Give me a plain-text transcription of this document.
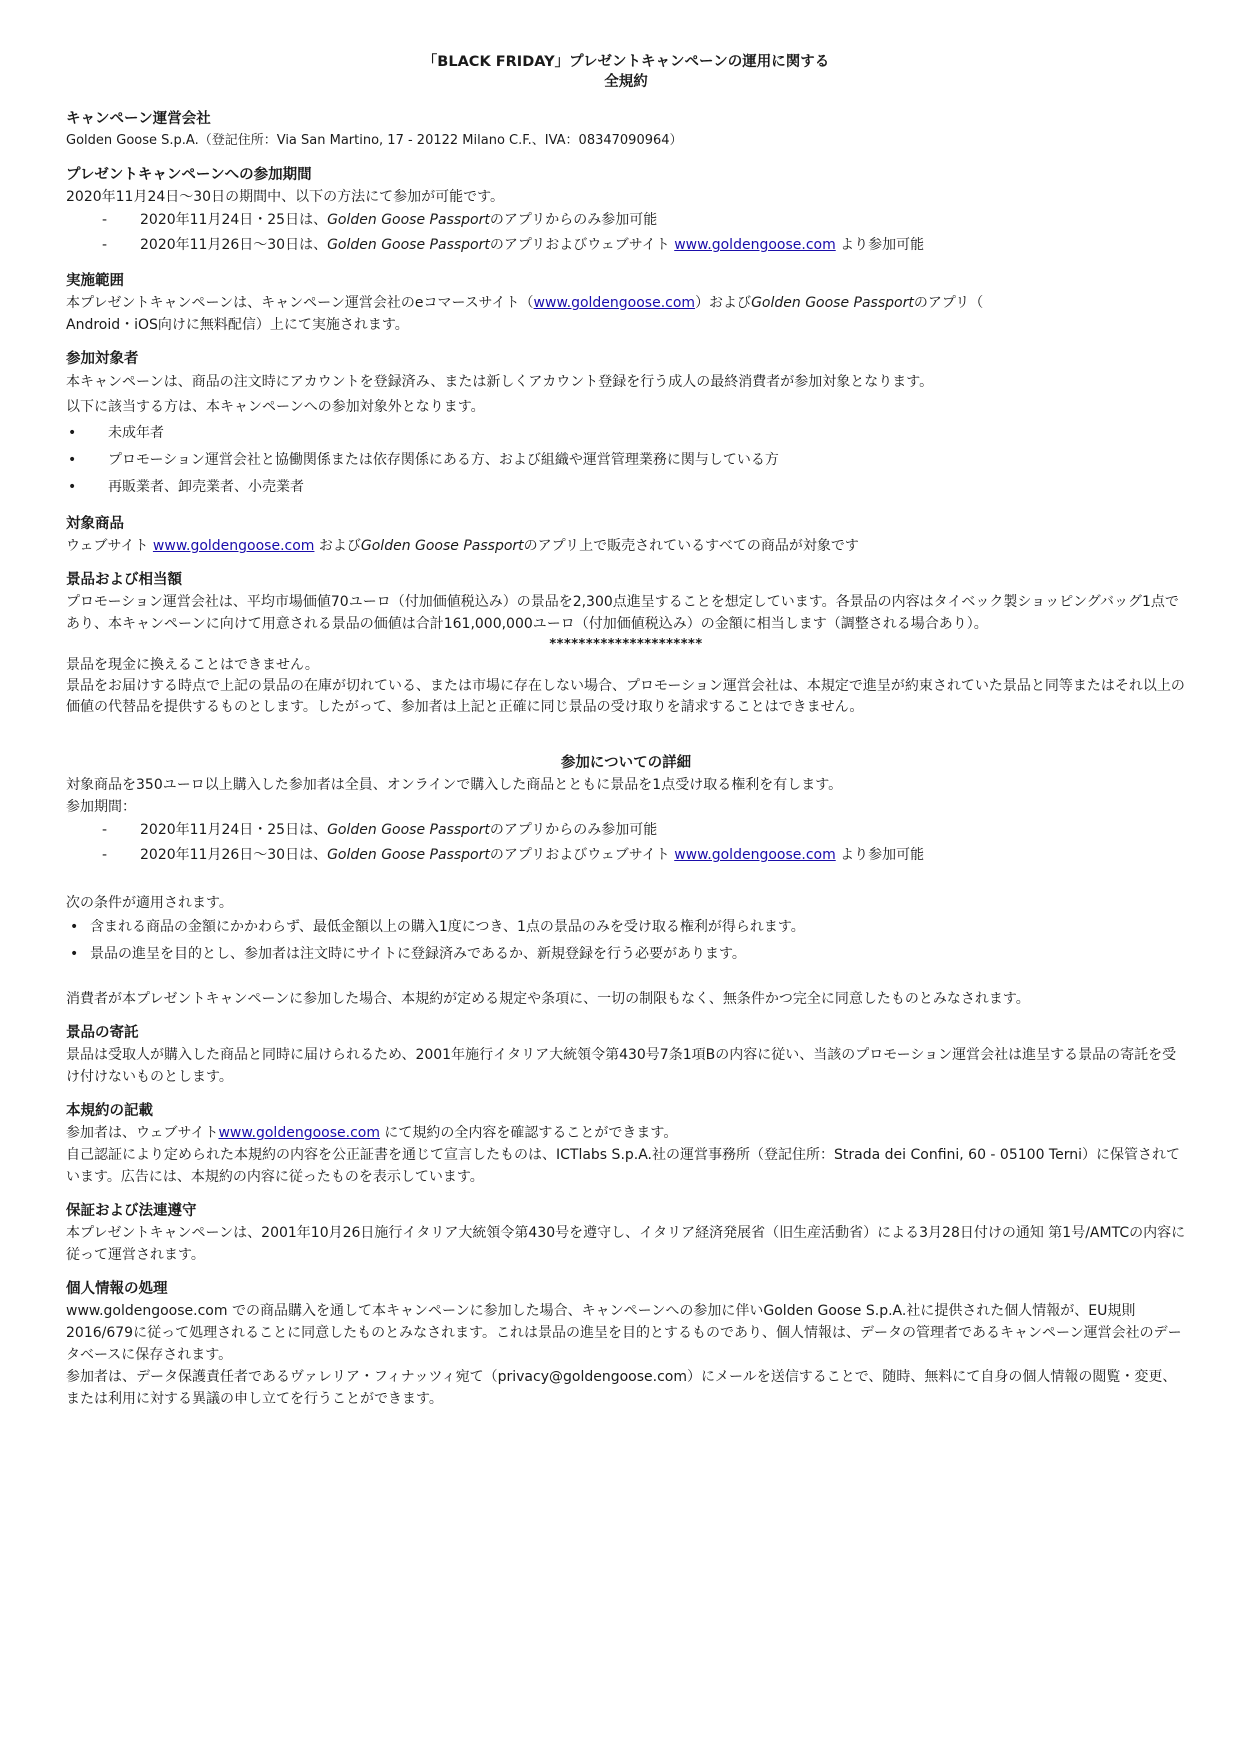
「BLACK FRIDAY」プレゼントキャンペーンの運用に関する

全規約

キャンペーン運営会社

Golden Goose S.p.A.（登記住所：Via San Martino, 17 - 20122 Milano C.F.、IVA：08347090964）

プレゼントキャンペーンへの参加期間

2020年11月24日〜30日の期間中、以下の方法にて参加が可能です。

-	2020年11月24日・25日は、Golden Goose Passportのアプリからのみ参加可能
-	2020年11月26日〜30日は、Golden Goose Passportのアプリおよびウェブサイト www.goldengoose.com より参加可能
実施範囲

本プレゼントキャンペーンは、キャンペーン運営会社のeコマースサイト（www.goldengoose.com）およびGolden Goose Passportのアプリ（

Android・iOS向けに無料配信）上にて実施されます。

参加対象者

本キャンペーンは、商品の注文時にアカウントを登録済み、または新しくアカウント登録を行う成人の最終消費者が参加対象となります。

以下に該当する方は、本キャンペーンへの参加対象外となります。

•	未成年者
•	プロモーション運営会社と協働関係または依存関係にある方、および組織や運営管理業務に関与している方
•	再販業者、卸売業者、小売業者
対象商品

ウェブサイト www.goldengoose.com およびGolden Goose Passportのアプリ上で販売されているすべての商品が対象です

景品および相当額

プロモーション運営会社は、平均市場価値70ユーロ（付加価値税込み）の景品を2,300点進呈することを想定しています。各景品の内容はタイベック製ショッピングバッグ1点であり、本キャンペーンに向けて用意される景品の価値は合計161,000,000ユーロ（付加価値税込み）の金額に相当します（調整される場合あり）。

*********************

景品を現金に換えることはできません。

景品をお届けする時点で上記の景品の在庫が切れている、または市場に存在しない場合、プロモーション運営会社は、本規定で進呈が約束されていた景品と同等またはそれ以上の価値の代替品を提供するものとします。したがって、参加者は上記と正確に同じ景品の受け取りを請求することはできません。

参加についての詳細

対象商品を350ユーロ以上購入した参加者は全員、オンラインで購入した商品とともに景品を1点受け取る権利を有します。

参加期間：

-	2020年11月24日・25日は、Golden Goose Passportのアプリからのみ参加可能
-	2020年11月26日〜30日は、Golden Goose Passportのアプリおよびウェブサイト www.goldengoose.com より参加可能

次の条件が適用されます。

• 含まれる商品の金額にかかわらず、最低金額以上の購入1度につき、1点の景品のみを受け取る権利が得られます。
• 景品の進呈を目的とし、参加者は注文時にサイトに登録済みであるか、新規登録を行う必要があります。

消費者が本プレゼントキャンペーンに参加した場合、本規約が定める規定や条項に、一切の制限もなく、無条件かつ完全に同意したものとみなされます。

景品の寄託

景品は受取人が購入した商品と同時に届けられるため、2001年施行イタリア大統領令第430号7条1項Bの内容に従い、当該のプロモーション運営会社は進呈する景品の寄託を受け付けないものとします。

本規約の記載

参加者は、ウェブサイトwww.goldengoose.com にて規約の全内容を確認することができます。

自己認証により定められた本規約の内容を公正証書を通じて宣言したものは、ICTlabs S.p.A.社の運営事務所（登記住所：Strada dei Confini, 60 - 05100 Terni）に保管されています。広告には、本規約の内容に従ったものを表示しています。

保証および法連遵守

本プレゼントキャンペーンは、2001年10月26日施行イタリア大統領令第430号を遵守し、イタリア経済発展省（旧生産活動省）による3月28日付けの通知 第1号/AMTCの内容に従って運営されます。

個人情報の処理

www.goldengoose.com での商品購入を通して本キャンペーンに参加した場合、キャンペーンへの参加に伴いGolden Goose S.p.A.社に提供された個人情報が、EU規則 2016/679に従って処理されることに同意したものとみなされます。これは景品の進呈を目的とするものであり、個人情報は、データの管理者であるキャンペーン運営会社のデータベースに保存されます。

参加者は、データ保護責任者であるヴァレリア・フィナッツィ宛て（privacy@goldengoose.com）にメールを送信することで、随時、無料にて自身の個人情報の閲覧・変更、または利用に対する異議の申し立てを行うことができます。
